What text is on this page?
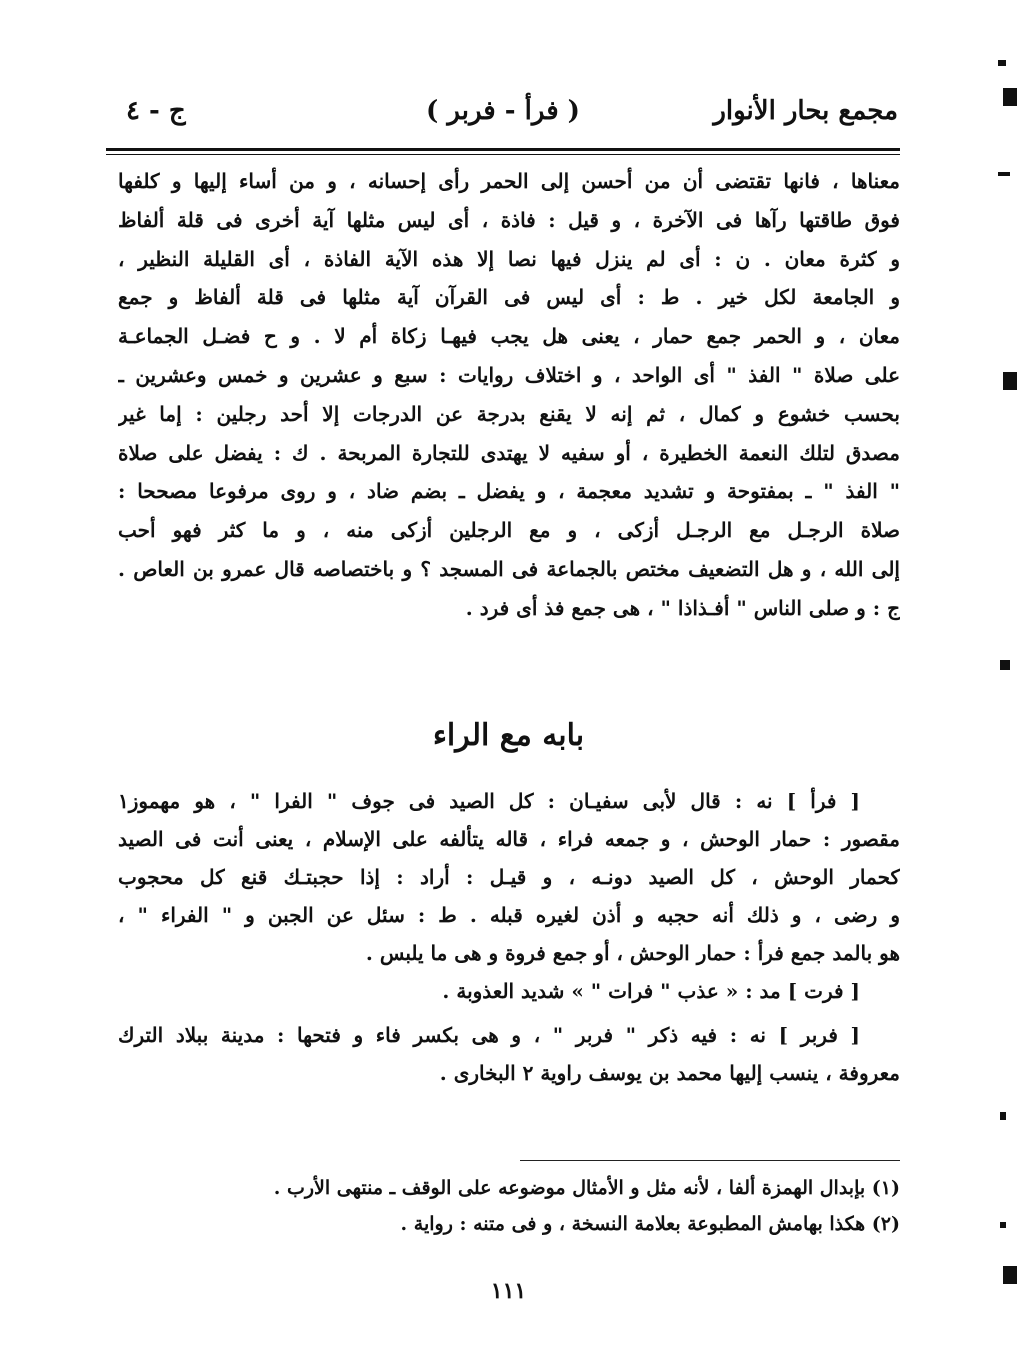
مجمع بحار الأنوار
( فرأ - فربر )
ج - ٤
معناها ، فانها تقتضى أن من أحسن إلى الحمر رأى إحسانه ، و من أساء إليها و كلفها
فوق طاقتها رآها فى الآخرة ، و قيل : فاذة ، أى ليس مثلها آية أخرى فى قلة ألفاظ
و كثرة معان . ن : أى لم ينزل فيها نصا إلا هذه الآية الفاذة ، أى القليلة النظير ،
و الجامعة لكل خير . ط : أى ليس فى القرآن آية مثلها فى قلة ألفاظ و جمع
معان ، و الحمر جمع حمار ، يعنى هل يجب فيهـا زكاة أم لا . و ح فضـل الجماعـة
على صلاة " الفذ " أى الواحد ، و اختلاف روايات : سبع و عشرين و خمس وعشرين ـ
بحسب خشوع و كمال ، ثم إنه لا يقنع بدرجة عن الدرجات إلا أحد رجلين : إما غير
مصدق لتلك النعمة الخطيرة ، أو سفيه لا يهتدى للتجارة المربحة . ك : يفضل على صلاة
" الفذ " ـ بمفتوحة و تشديد معجمة ، و يفضل ـ بضم ضاد ، و روى مرفوعا مصححا :
صلاة الرجـل مع الرجـل أزكى ، و مع الرجلين أزكى منه ، و ما كثر فهو أحب
إلى الله ، و هل التضعيف مختص بالجماعة فى المسجد ؟ و باختصاصه قال عمرو بن العاص .
ج : و صلى الناس " أفـذاذا " ، هى جمع فذ أى فرد .
بابه مع الراء
[ فرأ ] نه : قال لأبى سفيـان : كل الصيد فى جوف " الفرا " ، هو مهموز١
مقصور : حمار الوحش ، و جمعه فراء ، قاله يتألفه على الإسلام ، يعنى أنت فى الصيد
كحمار الوحش ، كل الصيد دونـه ، و قيـل : أراد : إذا حجبتـك قنع كل محجوب
و رضى ، و ذلك أنه حجبه و أذن لغيره قبله . ط : سئل عن الجبن و " الفراء " ،
هو بالمد جمع فرأ : حمار الوحش ، أو جمع فروة و هى ما يلبس .
[ فرت ] مد : « عذب " فرات " » شديد العذوبة .
[ فربر ] نه : فيه ذكر " فربر " ، و هى بكسر فاء و فتحها : مدينة ببلاد الترك
معروفة ، ينسب إليها محمد بن يوسف راوية ٢ البخارى .
(١) بإبدال الهمزة ألفا ، لأنه مثل و الأمثال موضوعه على الوقف ـ منتهى الأرب .
(٢) هكذا بهامش المطبوعة بعلامة النسخة ، و فى متنه : رواية .
١١١
